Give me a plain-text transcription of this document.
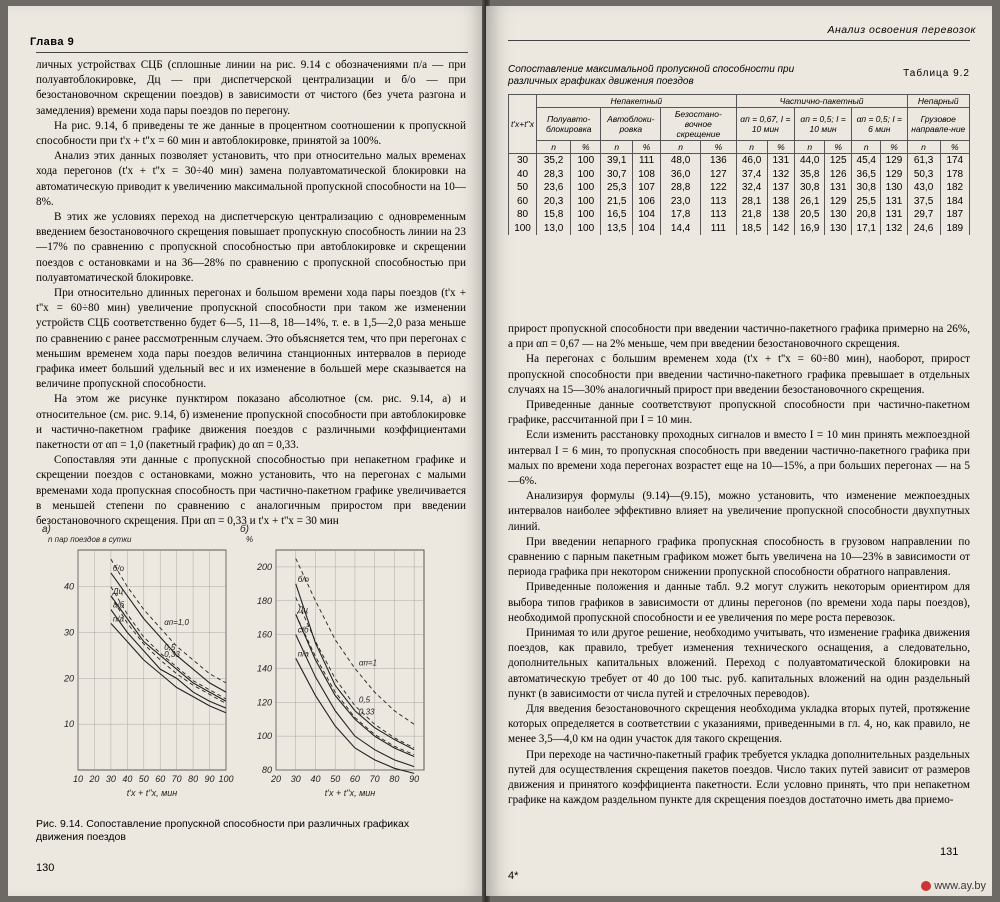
Глава 9

личных устройствах СЦБ (сплошные линии на рис. 9.14 с обозначениями п/а — при полуавтоблокировке, Дц — при диспетчерской централизации и б/о — при безостановочном скрещении поездов) в зависимости от чистого (без учета разгона и замедления) времени хода пары поездов по перегону.

На рис. 9.14, б приведены те же данные в процентном соотношении к пропускной способности при t'х + t''х = 60 мин и автоблокировке, принятой за 100%.

Анализ этих данных позволяет установить, что при относительно малых временах хода перегонов (t'х + t''х = 30÷40 мин) замена полуавтоматической блокировки на автоматическую приводит к увеличению максимальной пропускной способности на 10—8%.

В этих же условиях переход на диспетчерскую централизацию с одновременным введением безостановочного скрещения повышает пропускную способность линии на 23—17% по сравнению с пропускной способностью при автоблокировке и скрещении поездов с остановками и на 36—28% по сравнению с пропускной способностью при полуавтоматической блокировке.

При относительно длинных перегонах и большом времени хода пары поездов (t'х + t''х = 60÷80 мин) увеличение пропускной способности при таком же изменении устройств СЦБ соответственно будет 6—5, 11—8, 18—14%, т. е. в 1,5—2,0 раза меньше по сравнению с ранее рассмотренным случаем. Это объясняется тем, что при перегонах с меньшим временем хода пары поездов величина станционных интервалов в периоде графика имеет больший удельный вес и их изменение в большей мере сказывается на величине пропускной способности.

На этом же рисунке пунктиром показано абсолютное (см. рис. 9.14, а) и относительное (см. рис. 9.14, б) изменение пропускной способности при автоблокировке и частично-пакетном графике движения поездов с различными коэффициентами пакетности от αп = 1,0 (пакетный график) до αп = 0,33.

Сопоставляя эти данные с пропускной способностью при непакетном графике и скрещении поездов с остановками, можно установить, что на перегонах с малыми временами хода пропускная способность при частично-пакетном графике увеличивается в меньшей степени по сравнению с аналогичным приростом при введении безостановочного скрещения. При αп = 0,33 и t'х + t''х = 30 мин

10 20 30 40 50 60 70 80 90 100
10
20
30
40
а)
n пар поездов в сутки
t'х + t''х, мин
б/о
Дц
а/б
п/а	αп=1,0
0,5
0,33
20 30 40 50 60 70 80 90
80
100
120
140
160
180
200
б)
%
t'х + t''х, мин
б/о
Дц
с/б
п/а
αп=1
0,5
0,33
Рис. 9.14. Сопоставление пропускной способности при различных графиках движения поездов
130
Анализ освоения перевозок
Сопоставление максимальной пропускной способности при различных графиках движения поездов
Таблица 9.2
t'х+t''х	Непакетный						Частично-пакетный						Непарный	
	Полуавто-блокировка		Автоблоки-ровка		Безостано-вочное скрещение		αп = 0,67, I = 10 мин		αп = 0,5; I = 10 мин		αп = 0,5; I = 6 мин		Грузовое направле-ние	
	n	%	n	%	n	%	n	%	n	%	n	%	n	%
30	35,2	100	39,1	111	48,0	136	46,0	131	44,0	125	45,4	129	61,3	174
40	28,3	100	30,7	108	36,0	127	37,4	132	35,8	126	36,5	129	50,3	178
50	23,6	100	25,3	107	28,8	122	32,4	137	30,8	131	30,8	130	43,0	182
60	20,3	100	21,5	106	23,0	113	28,1	138	26,1	129	25,5	131	37,5	184
80	15,8	100	16,5	104	17,8	113	21,8	138	20,5	130	20,8	131	29,7	187
100	13,0	100	13,5	104	14,4	111	18,5	142	16,9	130	17,1	132	24,6	189

прирост пропускной способности при введении частично-пакетного графика примерно на 26%, а при αп = 0,67 — на 2% меньше, чем при введении безостановочного скрещения.

На перегонах с большим временем хода (t'х + t''х = 60÷80 мин), наоборот, прирост пропускной способности при введении частично-пакетного графика превышает в отдельных случаях на 15—30% аналогичный прирост при введении безостановочного скрещения.

Приведенные данные соответствуют пропускной способности при частично-пакетном графике, рассчитанной при I = 10 мин.

Если изменить расстановку проходных сигналов и вместо I = 10 мин принять межпоездной интервал I = 6 мин, то пропускная способность при введении частично-пакетного графика при малых по времени хода перегонах возрастет еще на 10—15%, а при больших перегонах — на 5—6%.

Анализируя формулы (9.14)—(9.15), можно установить, что изменение межпоездных интервалов наиболее эффективно влияет на увеличение пропускной способности двухпутных линий.

При введении непарного графика пропускная способность в грузовом направлении по сравнению с парным пакетным графиком может быть увеличена на 10—23% в зависимости от периода графика при некотором снижении пропускной способности обратного направления.

Приведенные положения и данные табл. 9.2 могут служить некоторым ориентиром для выбора типов графиков в зависимости от длины перегонов (по времени хода пары поездов), необходимой пропускной способности и ее увеличения по мере роста перевозок.

Принимая то или другое решение, необходимо учитывать, что изменение графика движения поездов, как правило, требует изменения технического оснащения, а следовательно, дополнительных капитальных вложений. Переход с полуавтоматической блокировки на автоматическую требует от 40 до 100 тыс. руб. капитальных вложений на один раздельный пункт (в зависимости от числа путей и стрелочных переводов).

Для введения безостановочного скрещения необходима укладка вторых путей, протяжение которых определяется в соответствии с указаниями, приведенными в гл. 4, но, как правило, не менее 3,5—4,0 км на один участок для такого скрещения.

При переходе на частично-пакетный график требуется укладка дополнительных раздельных путей для осуществления скрещения пакетов поездов. Число таких путей зависит от размеров движения и принятого коэффициента пакетности. Если условно принять, что при непакетном графике на каждом раздельном пункте для скрещения поездов достаточно иметь два приемо-

4*
131
www.ay.by
